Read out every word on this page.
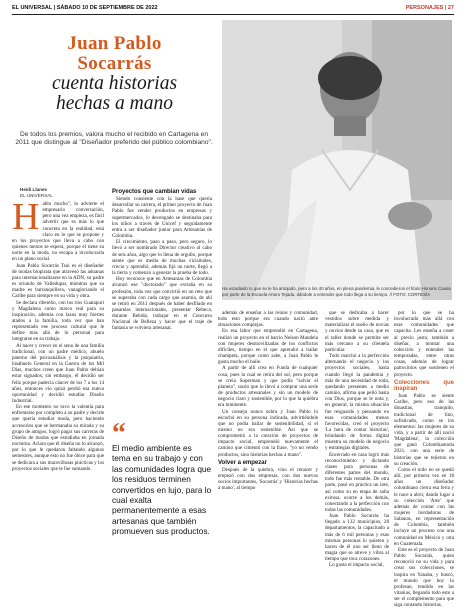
EL UNIVERSAL | SÁBADO 10 DE SEPTIEMBRE DE 2022	PERSONAJES | 27
Juan Pablo
Socarrás
cuenta historias
hechas a mano
De todos los premios, valora mucho el recibido en Cartagena en 2011 que distingue al "Diseñador preferido del público colombiano".
Ha estudiado lo que se le ha antojado, pero a los 40 años, en plena pandemia, le concedieron el título Honoris Causa por parte de la Escuela Arturo Tejada, dándole a entender que todo llega a su tiempo. // FOTO: CORTESÍA
Heidi Llanes
EL UNIVERSAL
H ablo mucho", lo advierte el empresario conversación, pero una vez empieza, es fácil advertir que es más lo que concreta en la realidad, está claro en lo que se propone y en los proyectos que lleva a cabo con quienes menos se espera, porque él tiene su norte en la moda, no escapa a involucrarla en un plano social.

Juan Pablo Socarrás Tsui es el diseñador de modas biopirata que atravesó las aduanas para internacionalizarse en la ADN, su padre es oriundo de Valledupar, mientras que su madre es barranquillera, vanagloriando el Caribe para siempre en su vida y obra.

Se declara ribereño, con los ríos Guatapurí y Magdalena como marco real para su inspiración, además con lazos muy fuertes atados a la familia, toda vez que han representado ese proceso cultural que le define más allá de lo personal para integrarse en su trabajo.

Al nacer y crecer en el seno de una familia tradicional, con un padre médico, abuelo paterno del psicoanálisis y la psiquiatría, bisabuelo General en la Guerra de los Mil Días, muchos creen que Juan Pablo debían estar signados; sin embargo, él decidió ser feliz porque padecía cáncer de los 7 a los 14 años, entonces vio quizá perdió esa nueva oportunidad y decidió estudiar Diseño Industrial.

En ese momento no tuvo la valentía para enfrentarse por completo a su padre y decirle que quería estudiar moda, pero haciendo accesorios que se hermanaba su mirada y su grupo de amigos, logró pagar sus carreras de Diseño de modas que estudiaba en jornada nocturna. Aclara que él diseña no lo alcanzó, por lo que le quedaron faltando algunos semestres, aunque esto no fue óbice para que se dedicara a sus maravillosas prácticas y los proyectos sociales que le fue sumando.

Proyectos que cambian vidas

Siendo consiente con la base que quería desarrollar su carrera, el primer proyecto de Juan Pablo fue vender productos en empresas y supermercados, lo devengado se destinaba para los niños a través de Unicef y seguidamente entra a ser diseñador junior para Artesanías de Colombia.

El crecimiento, paso a paso, pero seguro, lo llevó a ser nombrado Director creativo al cabo de seis años, algo que lo llena de orgullo, porque siente que es media de muchas vicisitudes, crecio y aprendió, además fijó un norte, llegó a la tierra y comenzó a generar la prueba de todo.

Hoy reconoce que en Artesanías de Colombia alcanzó ese "doctorado" que extraña en su profesión, toda vez que convirtió en un reto que se superaba con cada cargo que asumía, de ahí se retiró en 2011 después de haber desfilado en pasarelas internacionales, presentar Rebeca, durante Bebida, trabajar en el Concurso Nacional de Belleza y hacer que el traje de fantasía se volviera artesanal.

“
El medio ambiente es tema en su trabajo y con las comunidades logra que los residuos terminen convertidos en lujo, para lo cual exalta permanentemente a esas artesanas que también promueven sus productos.

además de enseñar a las reinas y comunidad, todo esto porque era cuando nació ante situaciones complejas.

En esa labor que emprendió en Cartagena, realizó un proyecto en el barrio Nelson Mandela con mujeres desmovilizadas de los conflictos difíciles, tiempo en el que aprendió a bailar champeta, porque como sabe, a Juan Pablo le gusta mucho el baile.

A partir de allí crea en Funda de cualquier cosa, pues la cual se retira del sol, pero porque se creía Superman y que podía "salvar el planeta", razón que lo llevó a comprar una serie de productos artesanales y sin un modelo de negocio claro y sostenible, por lo que la quiebra era inminente.

Un consejo nunca sobra y Juan Pablo lo escuchó en su persona indicada, advirtiéndole que no podía bailar de sostenibilidad, si el mismo no era sostenible. Así que se comprometió a la creación de proyectos de impacto social, emprendió nuevamente el camino que cimentó con la frase, "yo no vendo productos, sino historias hechas a mano".

Volver a empezar

Después de la quiebra, vino el renacer y empezó con dos empresas, con dos nuevos socios importantes, 'Socarrás' y 'Historias hechas a mano', al tiempo

que se dedicaba a hacer vestidos sobre medida y materializar el sueño de novias y novios desde su casa, que es el taller donde se permite ser más cercano a su clientela particular.

Todo marchó a la perfección alternando el negocio y los proyectos sociales, hasta cuando llegó la pandemia y más de una necesidad de toda, quedando presentes a medio camino, afirma que pelió hasta con Dios, porque se le nota y, en general, la misma situación fue resguardo y pensando en esas comunidades menos favorecidas, creó el proyecto 'La hora de contar historias', brindando de forma digital muestra su modelo de negocio y estrategias digitales.

Encerrado en casa logró más reconocimiento y dictando clases para personas de diferentes partes del mundo, todo fue más rentable. De otra parte, pasó en práctica un lote, así como su en etapa de salta exitosa, ocurre a los demás, conectando a la perfección con todas las comunidades.

Juan Pablo Socarrás ha llegado a 122 municipios, 28 departamentos, la capacitado a más de 6 mil personas y esas mismas personas lo quieren y hacen de él uno ser lleno de magia que se atreve y vibra al tiempo que toca corazones.

Lo gusta el impacto social,

por lo que se ha involucrado más allá con esas comunidades que capacita. Les enseña a coser al precio justo, también a diseñar, a montar una colección y entender las temporadas, entre otras cosas, además de lograr patrocinios que sostienen el proyecto.

Colecciones que inspiran

Juan Pablo se siente Caribe, pero eso de las dinastías, tranquilo, tradicional de lino, sofisticado, como se los elementos: las mujeres de su vida, y a partir de allí nació 'Magdalena', la colección que ganó Colombiamoda 2021, con una serie de historias que se tejieron en su creación.

Como el nido no se quedó allí, por primera vez en 18 años un diseñador colombiano cierra esa feria y le nace a abrir, dando lugar a su colección 'Arte' que además de contar con las mujeres bordadoras de Sabanas, en representación de Colombia, también incluye un proceso con una comunidad en México y otra en Guatemala.

Este es el proyecto de Juan Pablo Socarrás, quien reconoció no su vida y para crear sus colecciones, se inspira en Yanaba, y buscó, el mundo que hoy lo profesan, tendido en las vitanias, llegando todo esto a ser el complemento para que siga contando historias.
